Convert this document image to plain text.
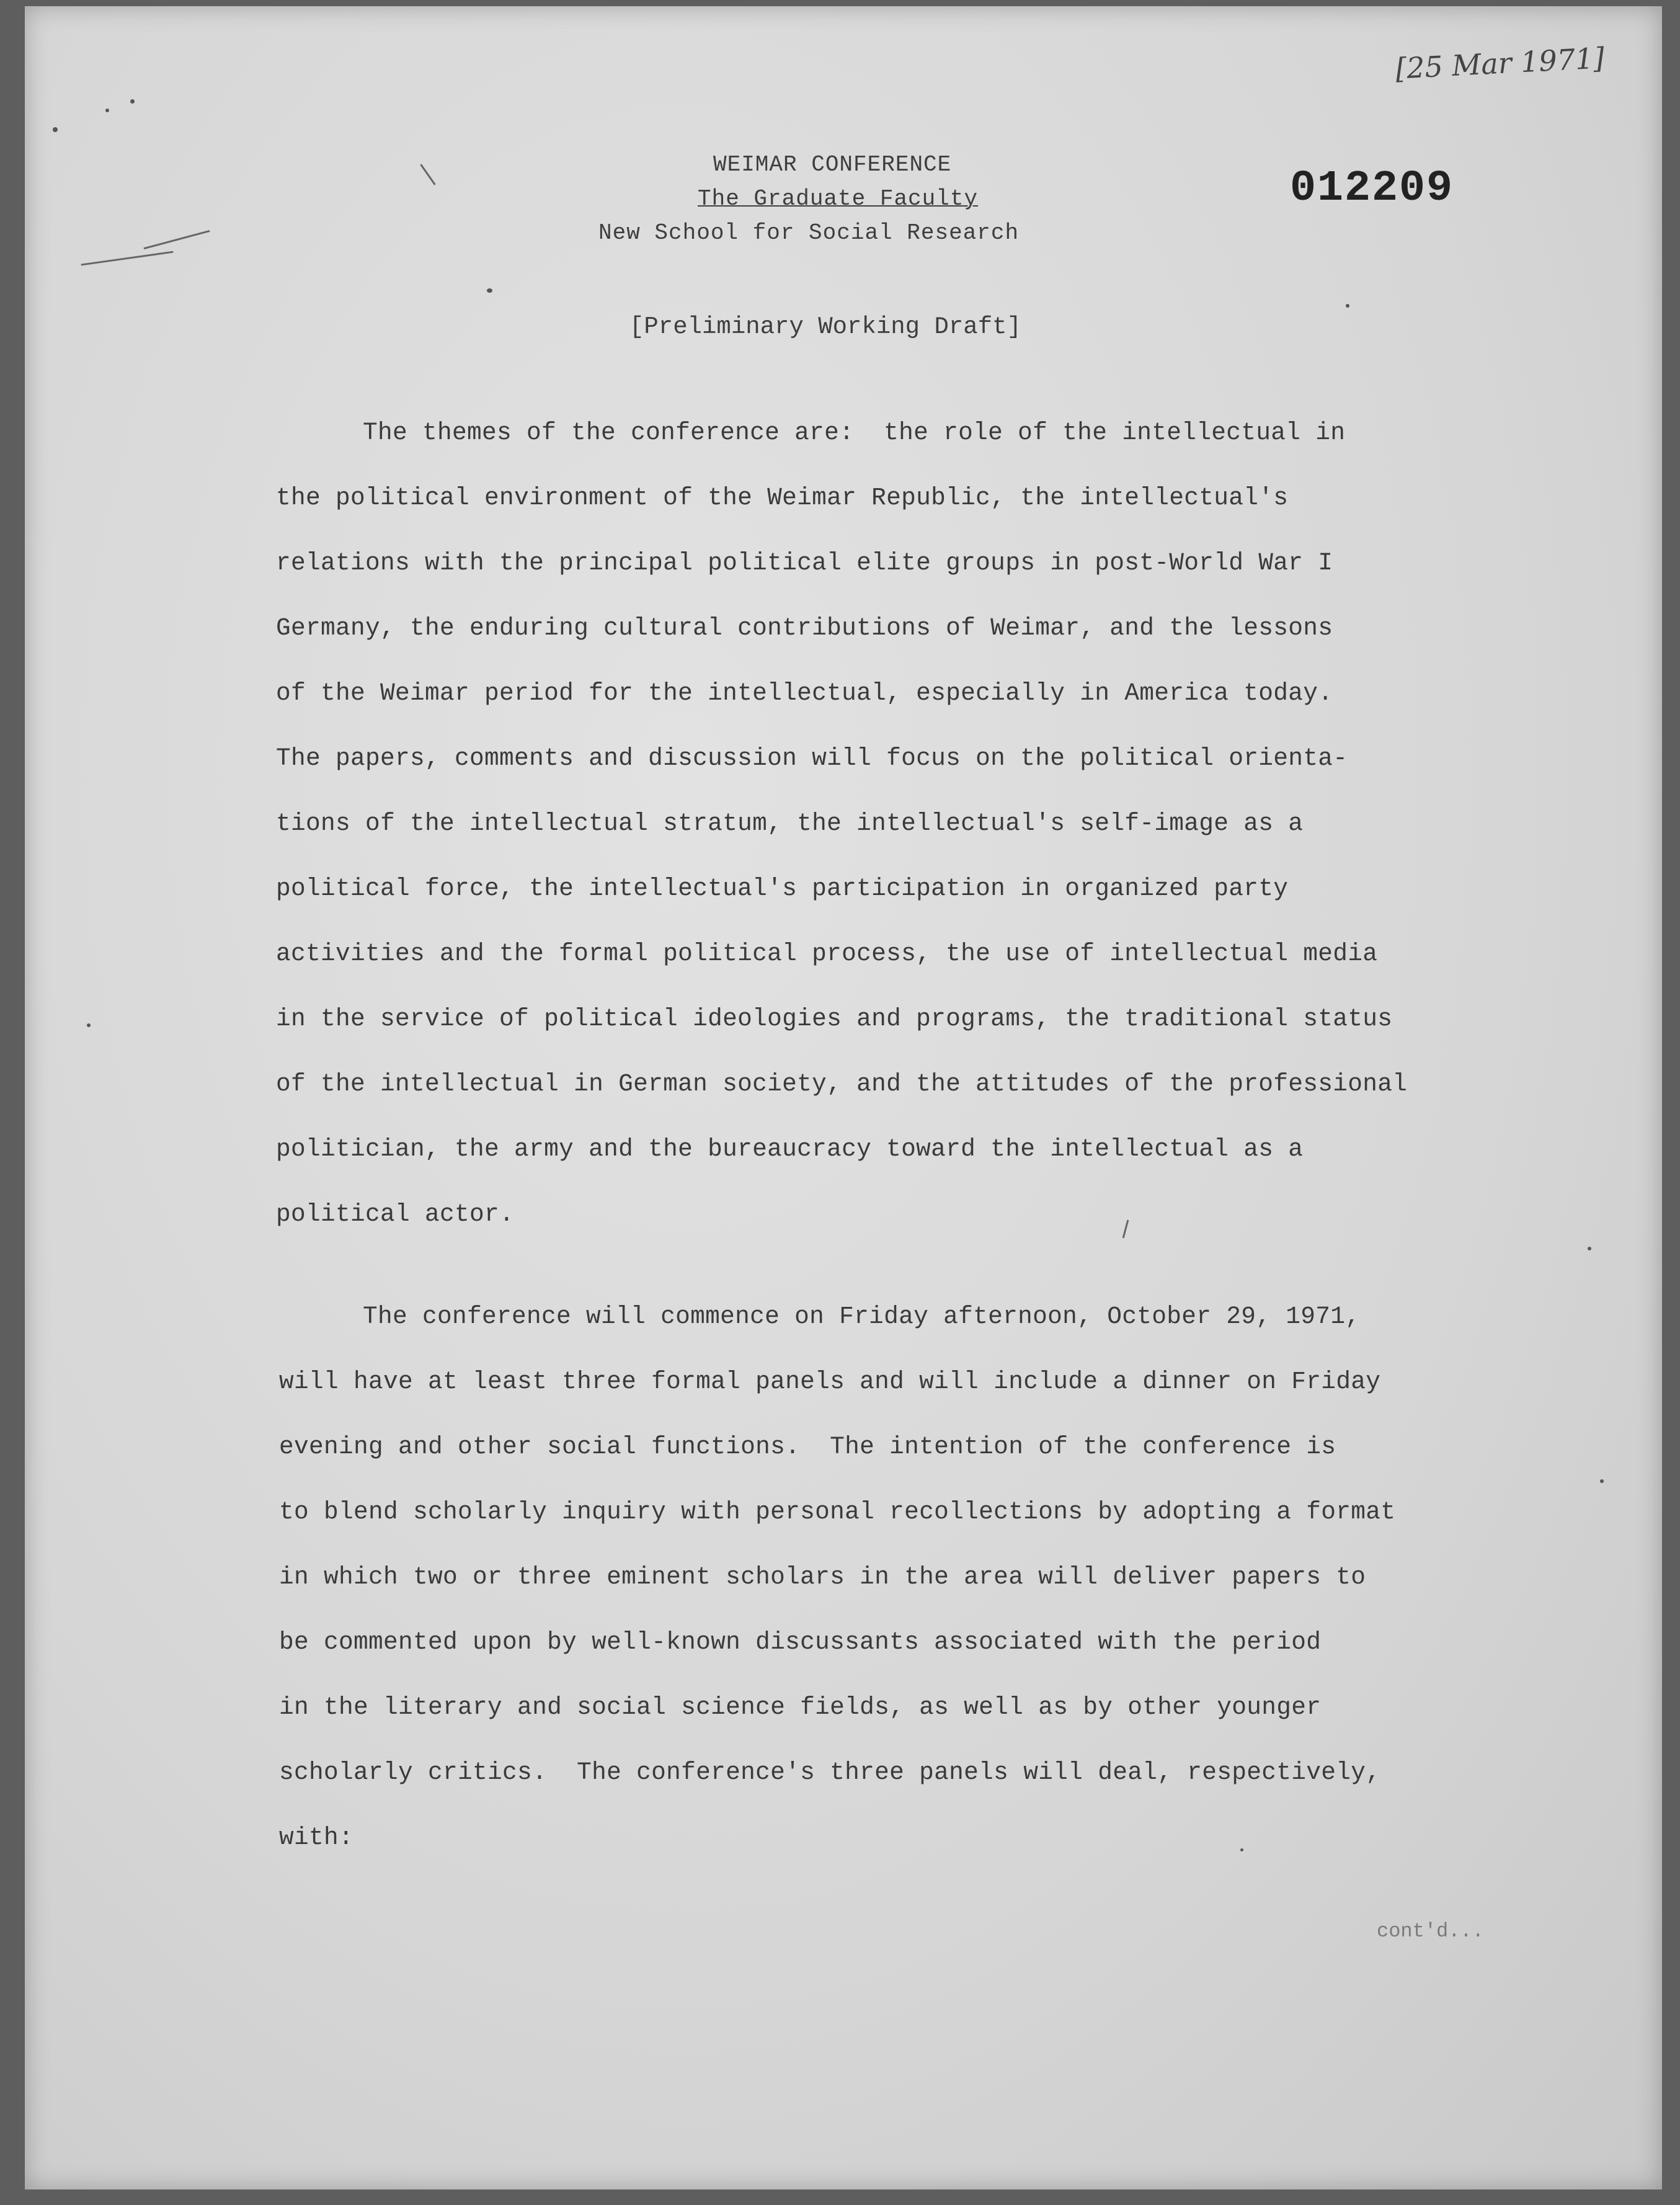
[25 Mar 1971]
012209
WEIMAR CONFERENCE
The Graduate Faculty
New School for Social Research
[Preliminary Working Draft]
The themes of the conference are:  the role of the intellectual in
the political environment of the Weimar Republic, the intellectual's
relations with the principal political elite groups in post-World War I
Germany, the enduring cultural contributions of Weimar, and the lessons
of the Weimar period for the intellectual, especially in America today.
The papers, comments and discussion will focus on the political orienta-
tions of the intellectual stratum, the intellectual's self-image as a
political force, the intellectual's participation in organized party
activities and the formal political process, the use of intellectual media
in the service of political ideologies and programs, the traditional status
of the intellectual in German society, and the attitudes of the professional
politician, the army and the bureaucracy toward the intellectual as a
political actor.
The conference will commence on Friday afternoon, October 29, 1971,
will have at least three formal panels and will include a dinner on Friday
evening and other social functions.  The intention of the conference is
to blend scholarly inquiry with personal recollections by adopting a format
in which two or three eminent scholars in the area will deliver papers to
be commented upon by well-known discussants associated with the period
in the literary and social science fields, as well as by other younger
scholarly critics.  The conference's three panels will deal, respectively,
with:
cont'd...
